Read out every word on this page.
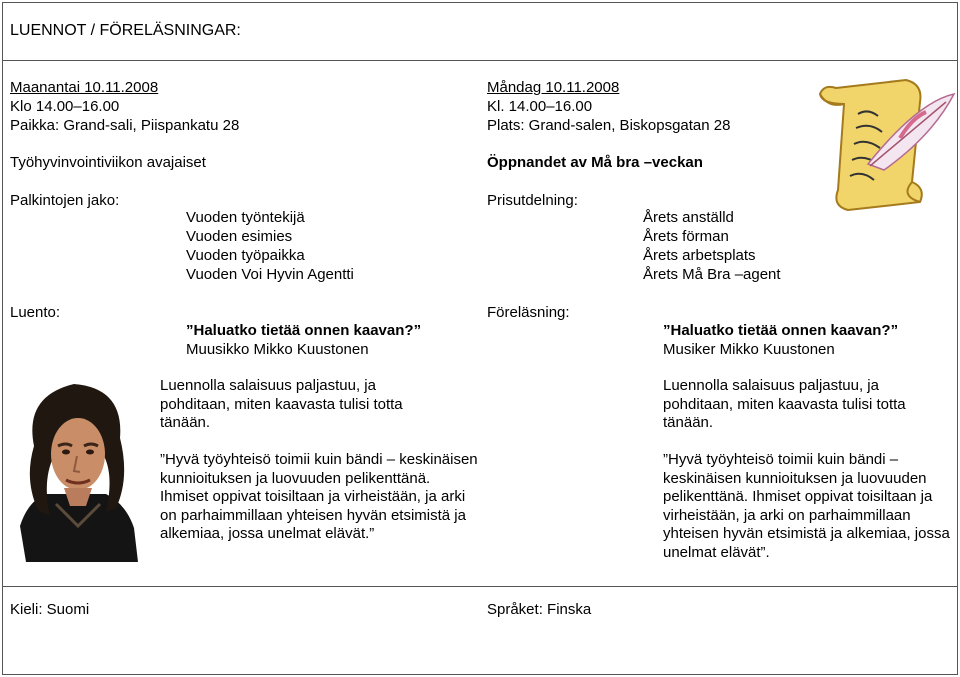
LUENNOT / FÖRELÄSNINGAR:
Maanantai 10.11.2008
Klo 14.00–16.00
Paikka: Grand-sali, Piispankatu 28
Työhyvinvointiviikon avajaiset
Palkintojen jako:
Vuoden työntekijä
Vuoden esimies
Vuoden työpaikka
Vuoden Voi Hyvin Agentti
Luento:
”Haluatko tietää onnen kaavan?”
Muusikko Mikko Kuustonen
Luennolla salaisuus paljastuu, ja pohditaan, miten kaavasta tulisi totta tänään.
”Hyvä työyhteisö toimii kuin bändi – keskinäisen kunnioituksen ja luovuuden pelikenttänä. Ihmiset oppivat toisiltaan ja virheistään, ja arki on parhaimmillaan yhteisen hyvän etsimistä ja alkemiaa, jossa unelmat elävät.”
Måndag 10.11.2008
Kl. 14.00–16.00
Plats: Grand-salen, Biskopsgatan 28
Öppnandet av Må bra –veckan
Prisutdelning:
Årets anställd
Årets förman
Årets arbetsplats
Årets Må Bra –agent
Föreläsning:
”Haluatko tietää onnen kaavan?”
Musiker Mikko Kuustonen
Luennolla salaisuus paljastuu, ja pohditaan, miten kaavasta tulisi totta tänään.
”Hyvä työyhteisö toimii kuin bändi – keskinäisen kunnioituksen ja luovuuden pelikenttänä. Ihmiset oppivat toisiltaan ja virheistään, ja arki on parhaimmillaan yhteisen hyvän etsimistä ja alkemiaa, jossa unelmat elävät”.
Kieli: Suomi	Språket: Finska
